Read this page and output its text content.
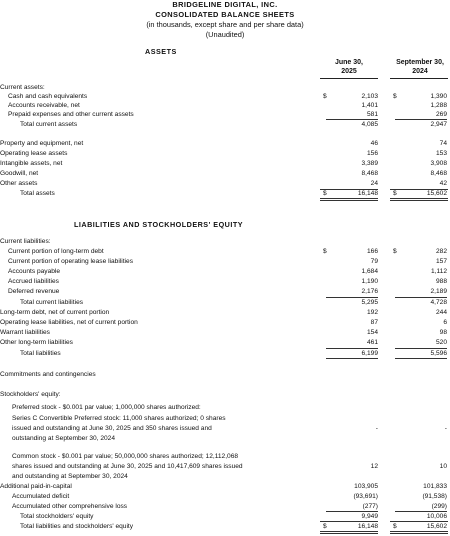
BRIDGELINE DIGITAL, INC.
CONSOLIDATED BALANCE SHEETS
(in thousands, except share and per share data)
(Unaudited)
ASSETS
June 30,
2025
September 30,
2024
Current assets:
Cash and cash equivalents	$	2,103 $	1,390
Accounts receivable, net	1,401	1,288
Prepaid expenses and other current assets	581	269
Total current assets	4,085	2,947
Property and equipment, net	46	74
Operating lease assets	156	153
Intangible assets, net	3,389	3,908
Goodwill, net	8,468	8,468
Other assets	24	42
Total assets	$	16,148 $	15,602
LIABILITIES AND STOCKHOLDERS' EQUITY
Current liabilities:
Current portion of long-term debt	$	166 $	282
Current portion of operating lease liabilities	79	157
Accounts payable	1,684	1,112
Accrued liabilities	1,190	988
Deferred revenue	2,176	2,189
Total current liabilities	5,295	4,728
Long-term debt, net of current portion	192	244
Operating lease liabilities, net of current portion	87	6
Warrant liabilities	154	98
Other long-term liabilities	461	520
Total liabilities	6,199	5,596
Commitments and contingencies
Stockholders' equity:
Preferred stock - $0.001 par value; 1,000,000 shares authorized:
Series C Convertible Preferred stock: 11,000 shares authorized; 0 shares
issued and outstanding at June 30, 2025 and 350 shares issued and
outstanding at September 30, 2024
-	-
Common stock - $0.001 par value; 50,000,000 shares authorized; 12,112,068
shares issued and outstanding at June 30, 2025 and 10,417,609 shares issued
and outstanding at September 30, 2024
12	10
Additional paid-in-capital	103,905	101,833
Accumulated deficit	(93,691)	(91,538)
Accumulated other comprehensive loss	(277)	(299)
Total stockholders' equity	9,949	10,006
Total liabilities and stockholders' equity	$	16,148 $	15,602
